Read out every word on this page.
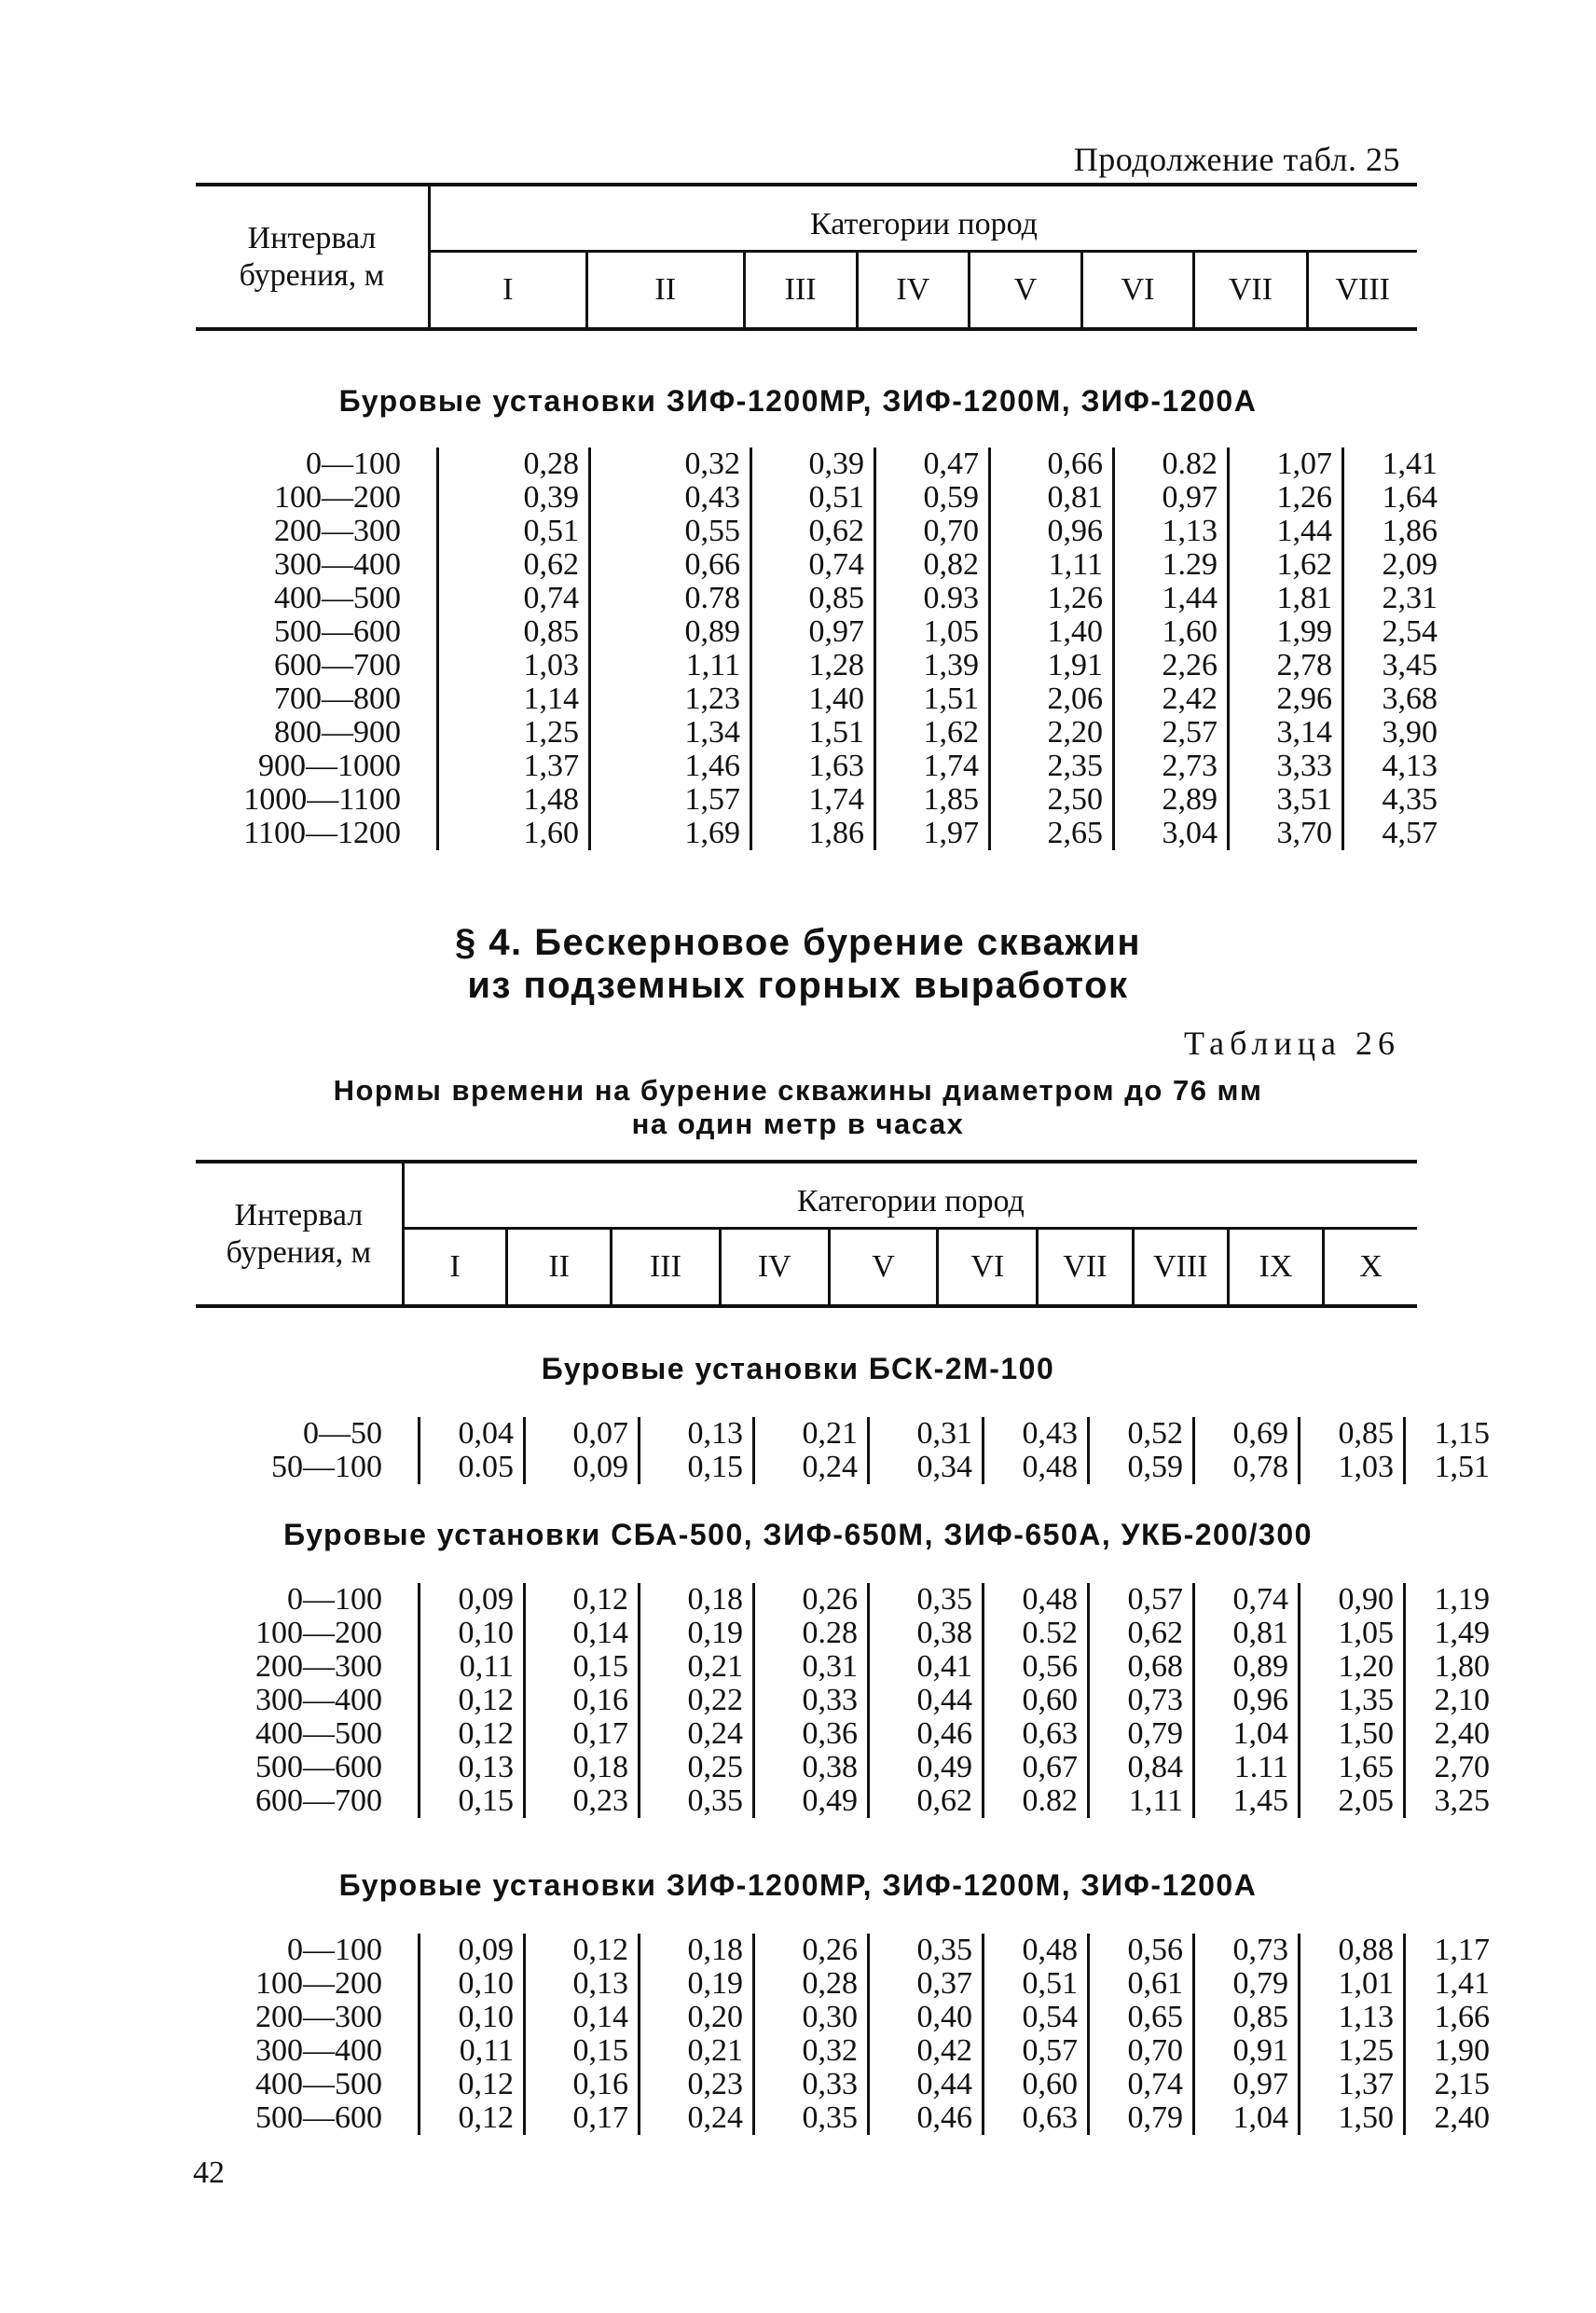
Продолжение табл. 25
Интервал бурения, м	Категории пород							
	I	II	III	IV	V	VI	VII	VIII
Буровые установки ЗИФ-1200МР, ЗИФ-1200М, ЗИФ-1200А
0—100	0,28	0,32	0,39	0,47	0,66	0.82	1,07	1,41
100—200	0,39	0,43	0,51	0,59	0,81	0,97	1,26	1,64
200—300	0,51	0,55	0,62	0,70	0,96	1,13	1,44	1,86
300—400	0,62	0,66	0,74	0,82	1,11	1.29	1,62	2,09
400—500	0,74	0.78	0,85	0.93	1,26	1,44	1,81	2,31
500—600	0,85	0,89	0,97	1,05	1,40	1,60	1,99	2,54
600—700	1,03	1,11	1,28	1,39	1,91	2,26	2,78	3,45
700—800	1,14	1,23	1,40	1,51	2,06	2,42	2,96	3,68
800—900	1,25	1,34	1,51	1,62	2,20	2,57	3,14	3,90
900—1000	1,37	1,46	1,63	1,74	2,35	2,73	3,33	4,13
1000—1100	1,48	1,57	1,74	1,85	2,50	2,89	3,51	4,35
1100—1200	1,60	1,69	1,86	1,97	2,65	3,04	3,70	4,57
§ 4. Бескерновое бурение скважин
из подземных горных выработок
Таблица 26
Нормы времени на бурение скважины диаметром до 76 мм
на один метр в часах
Интервал бурения, м	Категории пород									
	I	II	III	IV	V	VI	VII	VIII	IX	X
Буровые установки БСК-2М-100
0—50	0,04	0,07	0,13	0,21	0,31	0,43	0,52	0,69	0,85	1,15
50—100	0.05	0,09	0,15	0,24	0,34	0,48	0,59	0,78	1,03	1,51
Буровые установки СБА-500, ЗИФ-650М, ЗИФ-650А, УКБ-200/300
0—100	0,09	0,12	0,18	0,26	0,35	0,48	0,57	0,74	0,90	1,19
100—200	0,10	0,14	0,19	0.28	0,38	0.52	0,62	0,81	1,05	1,49
200—300	0,11	0,15	0,21	0,31	0,41	0,56	0,68	0,89	1,20	1,80
300—400	0,12	0,16	0,22	0,33	0,44	0,60	0,73	0,96	1,35	2,10
400—500	0,12	0,17	0,24	0,36	0,46	0,63	0,79	1,04	1,50	2,40
500—600	0,13	0,18	0,25	0,38	0,49	0,67	0,84	1.11	1,65	2,70
600—700	0,15	0,23	0,35	0,49	0,62	0.82	1,11	1,45	2,05	3,25
Буровые установки ЗИФ-1200МР, ЗИФ-1200М, ЗИФ-1200А
0—100	0,09	0,12	0,18	0,26	0,35	0,48	0,56	0,73	0,88	1,17
100—200	0,10	0,13	0,19	0,28	0,37	0,51	0,61	0,79	1,01	1,41
200—300	0,10	0,14	0,20	0,30	0,40	0,54	0,65	0,85	1,13	1,66
300—400	0,11	0,15	0,21	0,32	0,42	0,57	0,70	0,91	1,25	1,90
400—500	0,12	0,16	0,23	0,33	0,44	0,60	0,74	0,97	1,37	2,15
500—600	0,12	0,17	0,24	0,35	0,46	0,63	0,79	1,04	1,50	2,40
42
